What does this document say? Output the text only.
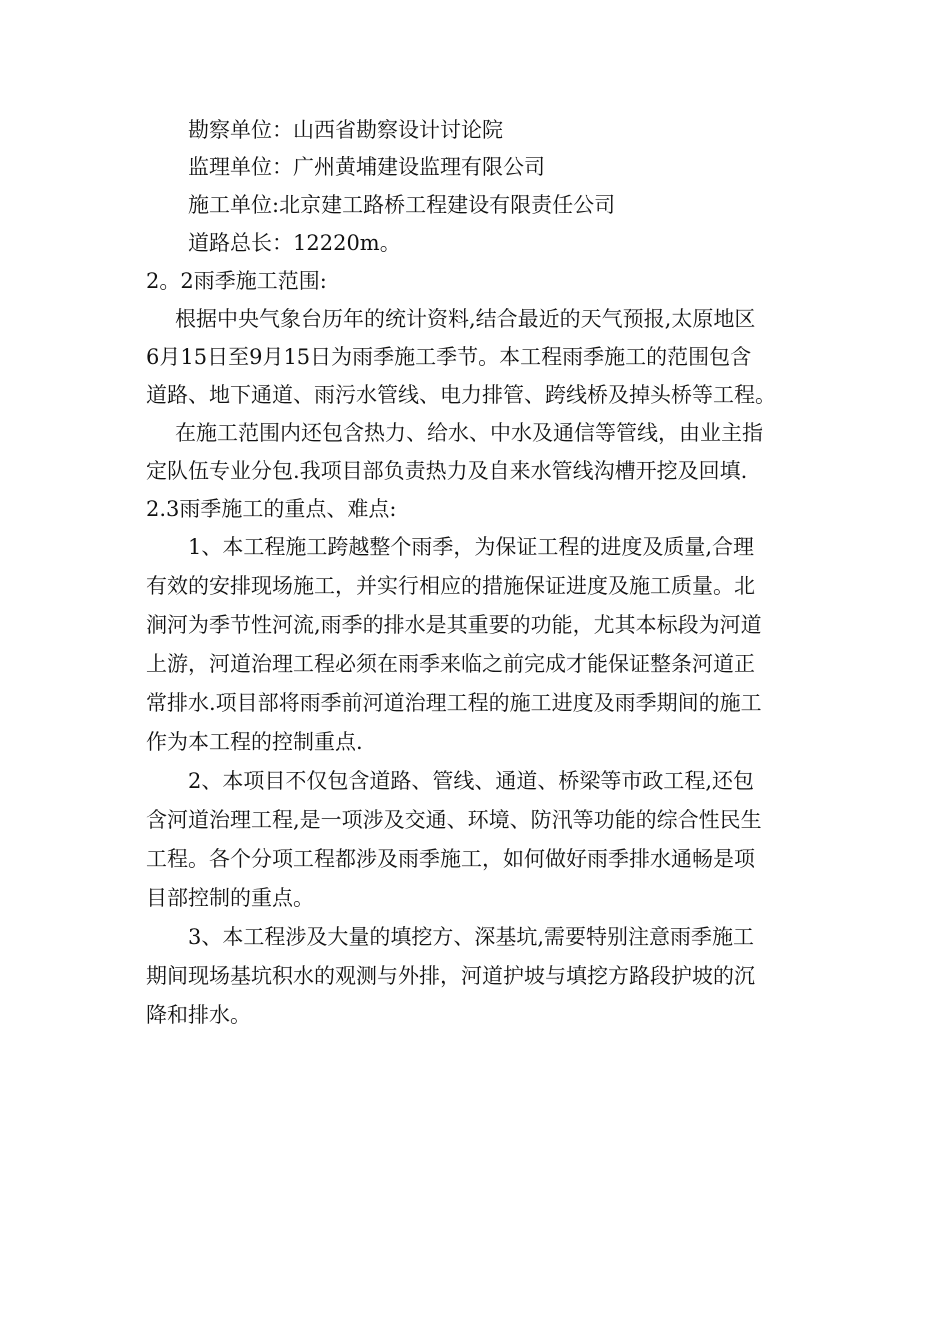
勘察单位：山西省勘察设计讨论院
监理单位：广州黄埔建设监理有限公司
施工单位:北京建工路桥工程建设有限责任公司
道路总长：12220m。
2。2雨季施工范围:
根据中央气象台历年的统计资料,结合最近的天气预报,太原地区
6月15日至9月15日为雨季施工季节。本工程雨季施工的范围包含
道路、地下通道、雨污水管线、电力排管、跨线桥及掉头桥等工程。
在施工范围内还包含热力、给水、中水及通信等管线，由业主指
定队伍专业分包.我项目部负责热力及自来水管线沟槽开挖及回填.
2.3雨季施工的重点、难点:
1、本工程施工跨越整个雨季，为保证工程的进度及质量,合理
有效的安排现场施工，并实行相应的措施保证进度及施工质量。北
涧河为季节性河流,雨季的排水是其重要的功能，尤其本标段为河道
上游，河道治理工程必须在雨季来临之前完成才能保证整条河道正
常排水.项目部将雨季前河道治理工程的施工进度及雨季期间的施工
作为本工程的控制重点.
2、本项目不仅包含道路、管线、通道、桥梁等市政工程,还包
含河道治理工程,是一项涉及交通、环境、防汛等功能的综合性民生
工程。各个分项工程都涉及雨季施工，如何做好雨季排水通畅是项
目部控制的重点。
3、本工程涉及大量的填挖方、深基坑,需要特别注意雨季施工
期间现场基坑积水的观测与外排，河道护坡与填挖方路段护坡的沉
降和排水。
